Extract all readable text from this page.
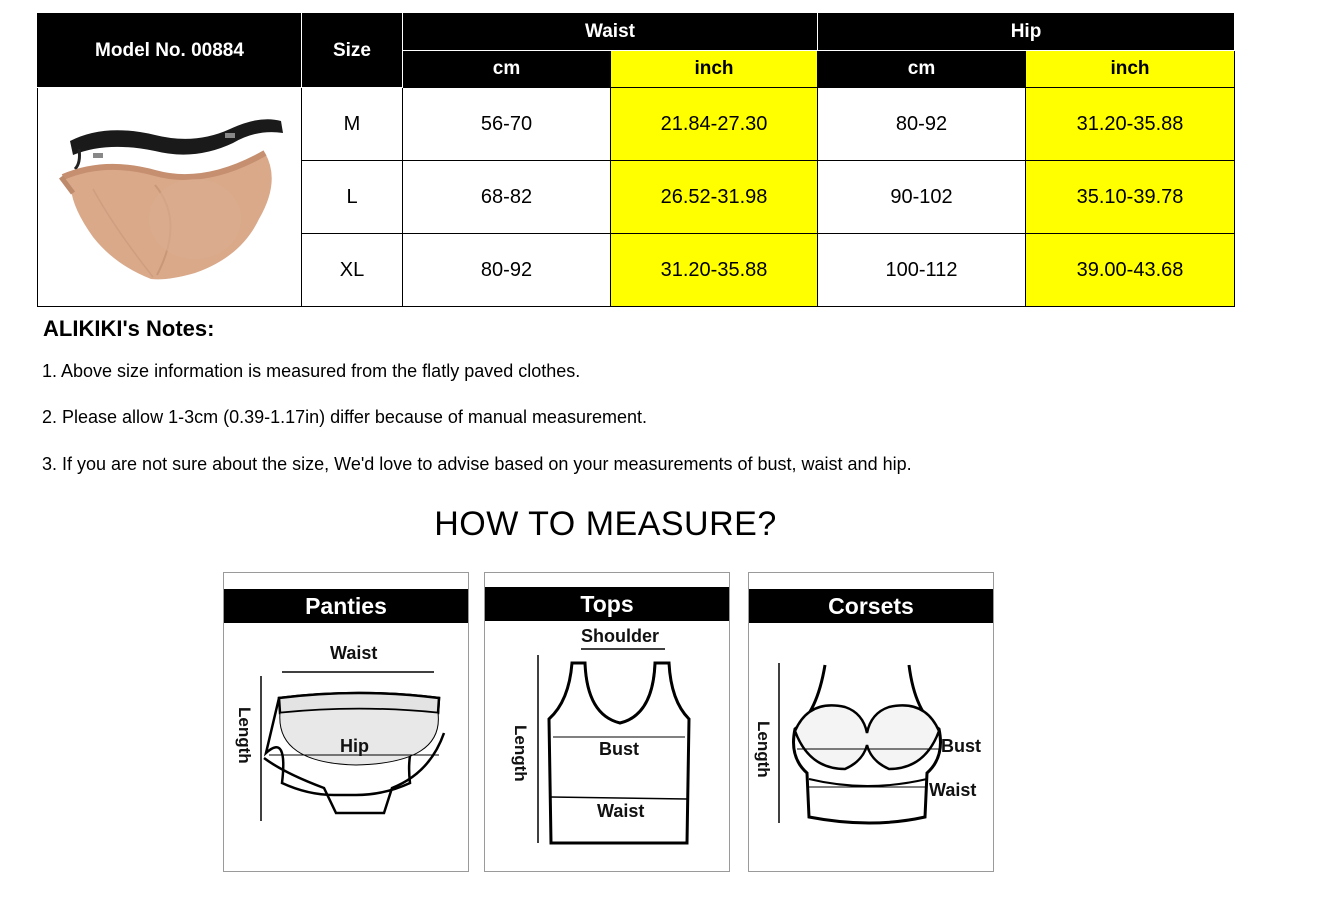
Model No. 00884	Size	Waist		Hip	
		cm	inch	cm	inch
	M	56-70	21.84-27.30	80-92	31.20-35.88
	L	68-82	26.52-31.98	90-102	35.10-39.78
	XL	80-92	31.20-35.88	100-112	39.00-43.68
ALIKIKI's Notes:
1. Above size information is measured from the flatly paved clothes.
2. Please allow 1-3cm (0.39-1.17in) differ because of manual measurement.
3. If you are not sure about the size, We'd love to advise based on your measurements of bust, waist and hip.
HOW TO MEASURE?
Panties
Waist
Length	Hip
Tops
Shoulder
Length	Bust
Waist
Corsets
Length	Bust
Waist
